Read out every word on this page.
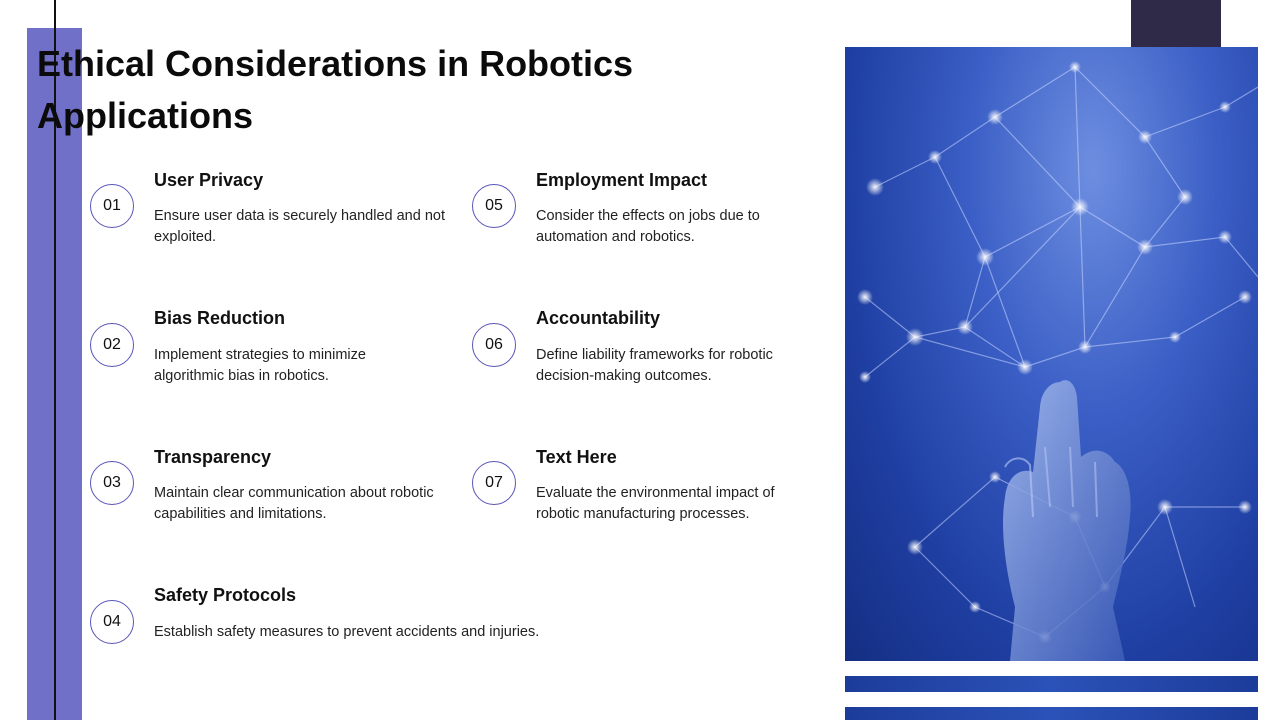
Ethical Considerations in Robotics Applications
01
User Privacy
Ensure user data is securely handled and not exploited.
02
Bias Reduction
Implement strategies to minimize algorithmic bias in robotics.
03
Transparency
Maintain clear communication about robotic capabilities and limitations.
04
Safety Protocols
Establish safety measures to prevent accidents and injuries.
05
Employment Impact
Consider the effects on jobs due to automation and robotics.
06
Accountability
Define liability frameworks for robotic decision-making outcomes.
07
Text Here
Evaluate the environmental impact of robotic manufacturing processes.
